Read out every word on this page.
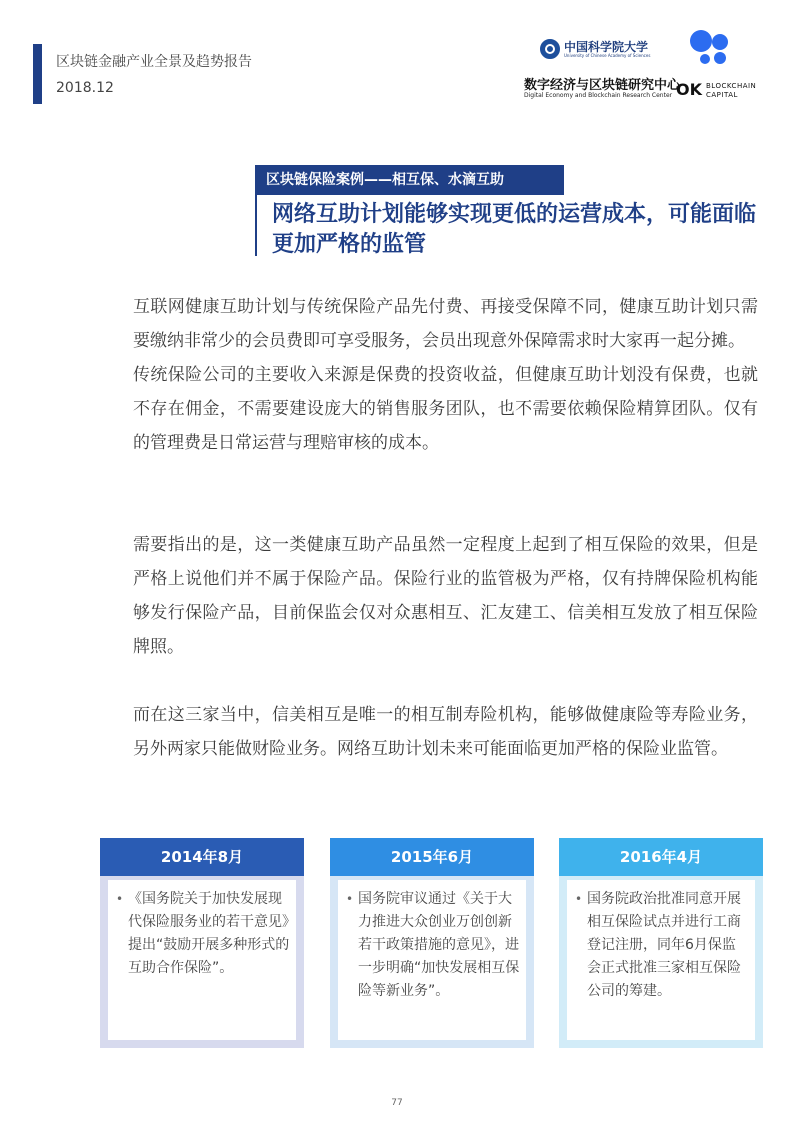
区块链金融产业全景及趋势报告
2018.12
中国科学院大学
University of Chinese Academy of Sciences
数字经济与区块链研究中心
Digital Economy and Blockchain Research Center OK BLOCKCHAIN
CAPITAL
区块链保险案例——相互保、水滴互助
网络互助计划能够实现更低的运营成本，可能面临更加严格的监管

互联网健康互助计划与传统保险产品先付费、再接受保障不同，健康互助计划只需要缴纳非常少的会员费即可享受服务，会员出现意外保障需求时大家再一起分摊。

传统保险公司的主要收入来源是保费的投资收益，但健康互助计划没有保费，也就不存在佣金，不需要建设庞大的销售服务团队，也不需要依赖保险精算团队。仅有的管理费是日常运营与理赔审核的成本。

需要指出的是，这一类健康互助产品虽然一定程度上起到了相互保险的效果，但是严格上说他们并不属于保险产品。保险行业的监管极为严格，仅有持牌保险机构能够发行保险产品，目前保监会仅对众惠相互、汇友建工、信美相互发放了相互保险牌照。

而在这三家当中，信美相互是唯一的相互制寿险机构，能够做健康险等寿险业务，另外两家只能做财险业务。网络互助计划未来可能面临更加严格的保险业监管。

2014年8月
• 《国务院关于加快发展现代保险服务业的若干意见》提出“鼓励开展多种形式的互助合作保险”。
2015年6月
• 国务院审议通过《关于大力推进大众创业万创创新若干政策措施的意见》，进一步明确“加快发展相互保险等新业务”。
2016年4月
• 国务院政治批准同意开展相互保险试点并进行工商登记注册，同年6月保监会正式批准三家相互保险公司的筹建。
77
